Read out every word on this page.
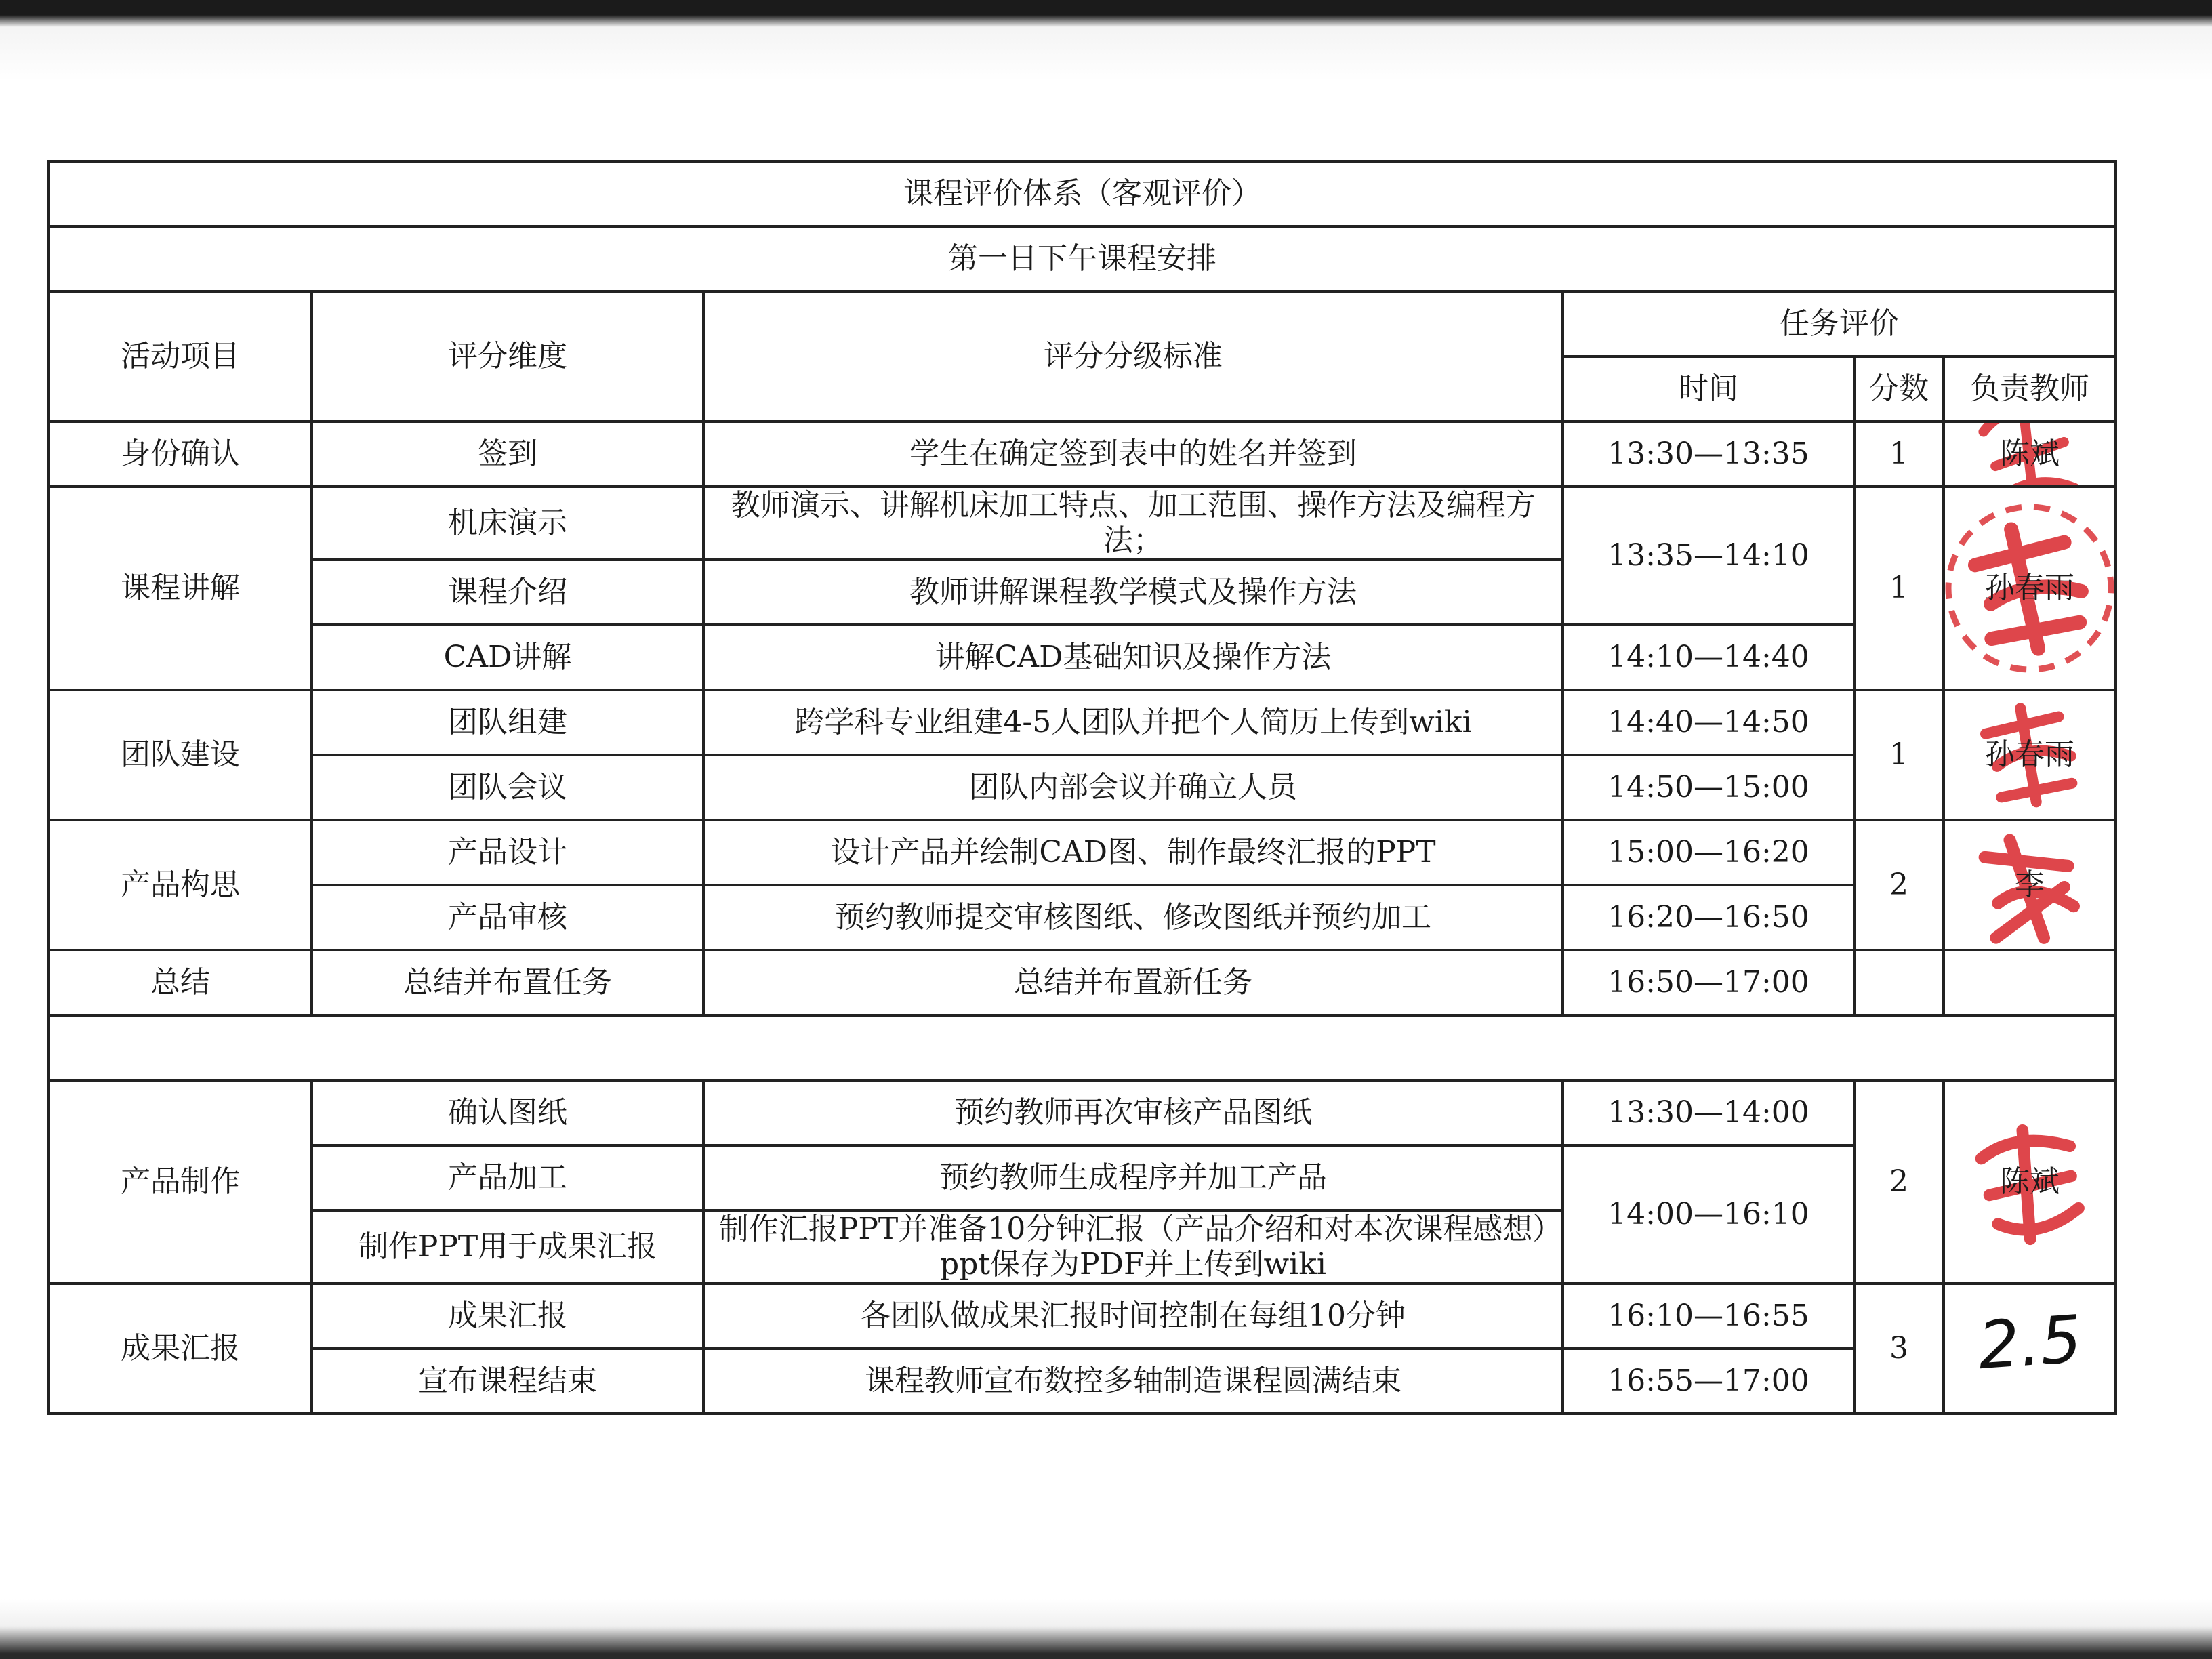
课程评价体系（客观评价）					
第一日下午课程安排					
活动项目	评分维度	评分分级标准	任务评价		
			时间	分数	负责教师
身份确认	签到	学生在确定签到表中的姓名并签到	13:30—13:35	1	陈斌
课程讲解	机床演示	教师演示、讲解机床加工特点、加工范围、操作方法及编程方法；	13:35—14:10	1	孙春雨
	课程介绍	教师讲解课程教学模式及操作方法			
	CAD讲解	讲解CAD基础知识及操作方法	14:10—14:40		
团队建设	团队组建	跨学科专业组建4-5人团队并把个人简历上传到wiki	14:40—14:50	1	孙春雨
	团队会议	团队内部会议并确立人员	14:50—15:00		
产品构思	产品设计	设计产品并绘制CAD图、制作最终汇报的PPT	15:00—16:20	2	李
	产品审核	预约教师提交审核图纸、修改图纸并预约加工	16:20—16:50		
总结	总结并布置任务	总结并布置新任务	16:50—17:00		

产品制作	确认图纸	预约教师再次审核产品图纸	13:30—14:00	2	陈斌
	产品加工	预约教师生成程序并加工产品	14:00—16:10		
	制作PPT用于成果汇报	制作汇报PPT并准备10分钟汇报（产品介绍和对本次课程感想）ppt保存为PDF并上传到wiki			
成果汇报	成果汇报	各团队做成果汇报时间控制在每组10分钟	16:10—16:55	3	2.5
	宣布课程结束	课程教师宣布数控多轴制造课程圆满结束	16:55—17:00		
